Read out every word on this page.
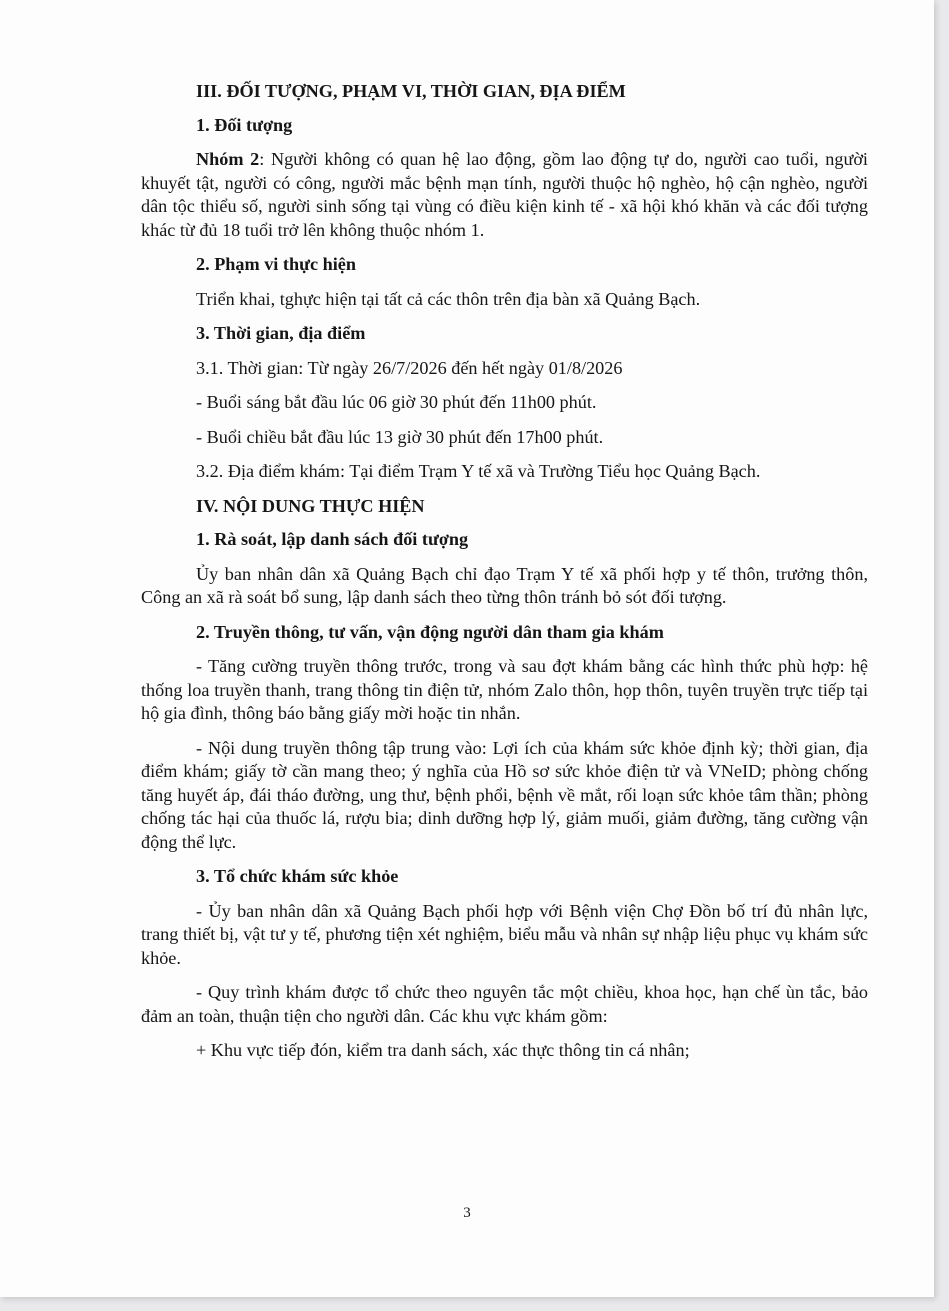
III. ĐỐI TƯỢNG, PHẠM VI, THỜI GIAN, ĐỊA ĐIỂM

1. Đối tượng

Nhóm 2: Người không có quan hệ lao động, gồm lao động tự do, người cao tuổi, người khuyết tật, người có công, người mắc bệnh mạn tính, người thuộc hộ nghèo, hộ cận nghèo, người dân tộc thiểu số, người sinh sống tại vùng có điều kiện kinh tế - xã hội khó khăn và các đối tượng khác từ đủ 18 tuổi trở lên không thuộc nhóm 1.

2. Phạm vi thực hiện

Triển khai, tghực hiện tại tất cả các thôn trên địa bàn xã Quảng Bạch.

3. Thời gian, địa điểm

3.1. Thời gian: Từ ngày 26/7/2026 đến hết ngày 01/8/2026

- Buổi sáng bắt đầu lúc 06 giờ 30 phút đến 11h00 phút.

- Buổi chiều bắt đầu lúc 13 giờ 30 phút đến 17h00 phút.

3.2. Địa điểm khám: Tại điểm Trạm Y tế xã và Trường Tiểu học Quảng Bạch.

IV. NỘI DUNG THỰC HIỆN

1. Rà soát, lập danh sách đối tượng

Ủy ban nhân dân xã Quảng Bạch chỉ đạo Trạm Y tế xã phối hợp y tế thôn, trưởng thôn, Công an xã rà soát bổ sung, lập danh sách theo từng thôn tránh bỏ sót đối tượng.

2. Truyền thông, tư vấn, vận động người dân tham gia khám

- Tăng cường truyền thông trước, trong và sau đợt khám bằng các hình thức phù hợp: hệ thống loa truyền thanh, trang thông tin điện tử, nhóm Zalo thôn, họp thôn, tuyên truyền trực tiếp tại hộ gia đình, thông báo bằng giấy mời hoặc tin nhắn.

- Nội dung truyền thông tập trung vào: Lợi ích của khám sức khỏe định kỳ; thời gian, địa điểm khám; giấy tờ cần mang theo; ý nghĩa của Hồ sơ sức khỏe điện tử và VNeID; phòng chống tăng huyết áp, đái tháo đường, ung thư, bệnh phổi, bệnh về mắt, rối loạn sức khỏe tâm thần; phòng chống tác hại của thuốc lá, rượu bia; dinh dưỡng hợp lý, giảm muối, giảm đường, tăng cường vận động thể lực.

3. Tổ chức khám sức khỏe

- Ủy ban nhân dân xã Quảng Bạch phối hợp với Bệnh viện Chợ Đồn bố trí đủ nhân lực, trang thiết bị, vật tư y tế, phương tiện xét nghiệm, biểu mẫu và nhân sự nhập liệu phục vụ khám sức khỏe.

- Quy trình khám được tổ chức theo nguyên tắc một chiều, khoa học, hạn chế ùn tắc, bảo đảm an toàn, thuận tiện cho người dân. Các khu vực khám gồm:

+ Khu vực tiếp đón, kiểm tra danh sách, xác thực thông tin cá nhân;

3
